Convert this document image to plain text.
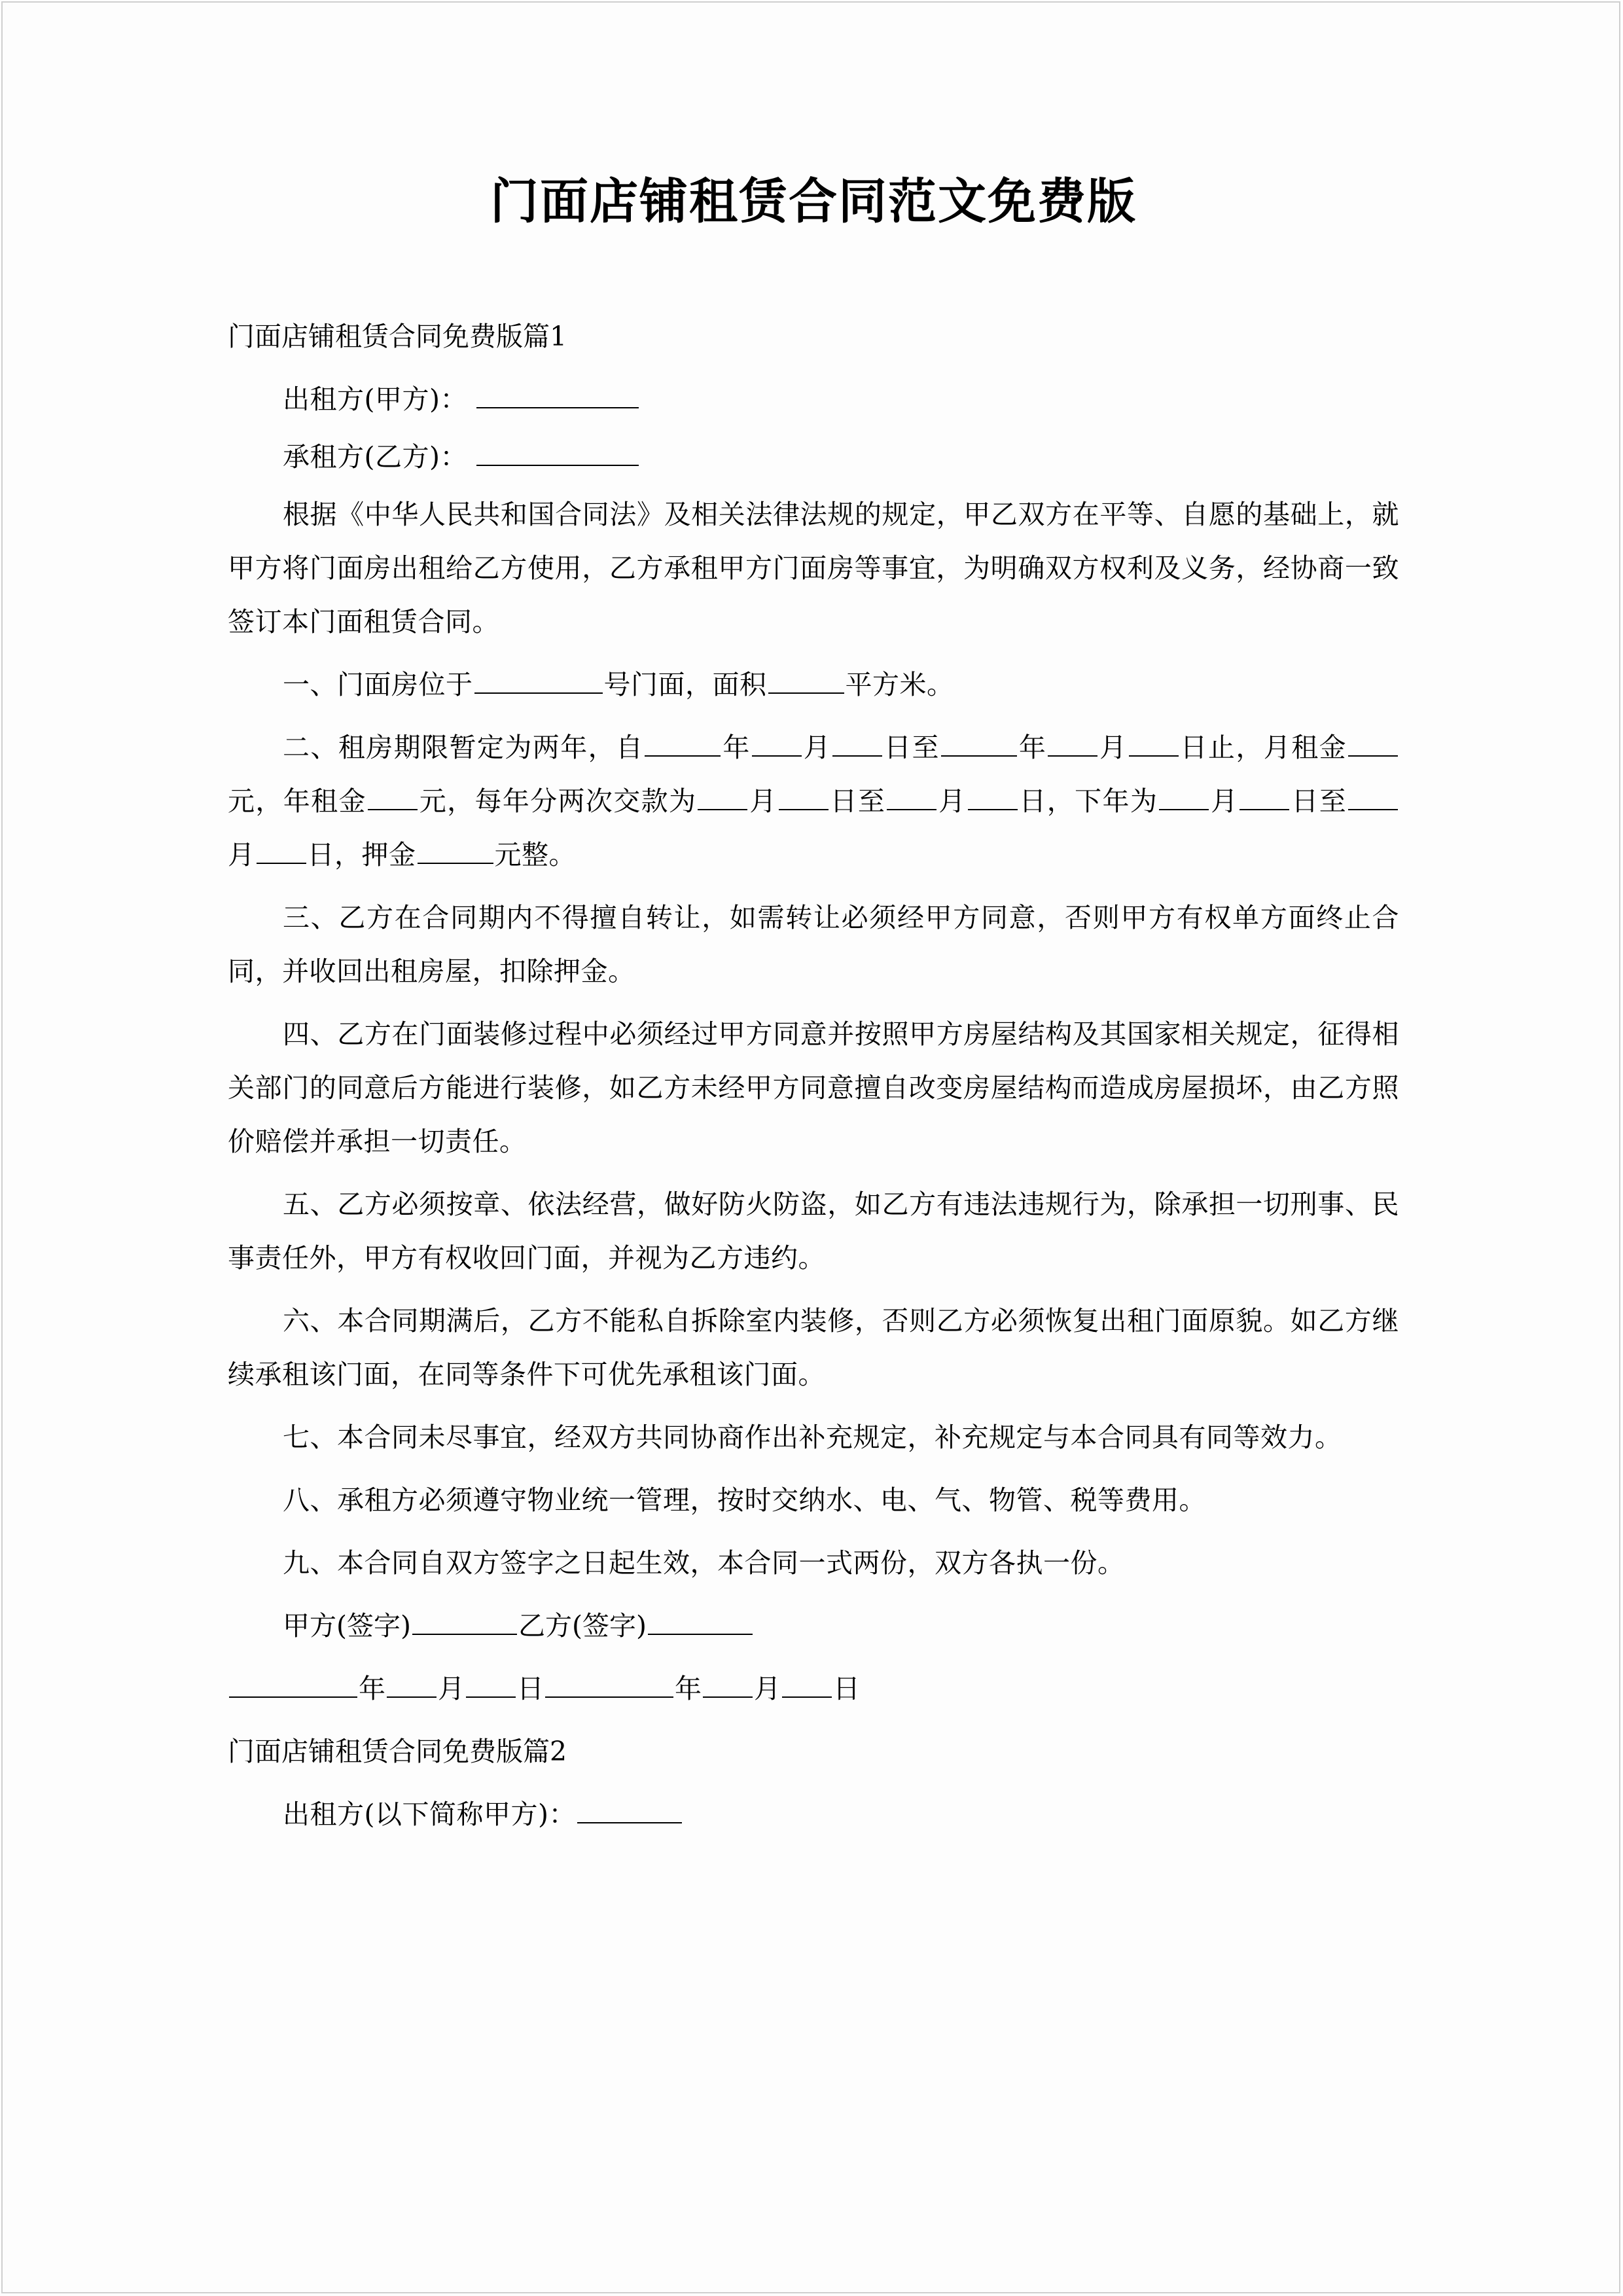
门面店铺租赁合同范文免费版

门面店铺租赁合同免费版篇1

出租方(甲方)：

承租方(乙方)：

根据《中华人民共和国合同法》及相关法律法规的规定，甲乙双方在平等、自愿的基础上，就甲方将门面房出租给乙方使用，乙方承租甲方门面房等事宜，为明确双方权利及义务，经协商一致签订本门面租赁合同。

一、门面房位于	号门面，面积	平方米。

二、租房期限暂定为两年，自	年 月 日至	年 月 日止，月租金元，年租金 元，每年分两次交款为 月 日至 月 日，下年为 月 日至月 日，押金	元整。

三、乙方在合同期内不得擅自转让，如需转让必须经甲方同意，否则甲方有权单方面终止合同，并收回出租房屋，扣除押金。

四、乙方在门面装修过程中必须经过甲方同意并按照甲方房屋结构及其国家相关规定，征得相关部门的同意后方能进行装修，如乙方未经甲方同意擅自改变房屋结构而造成房屋损坏，由乙方照价赔偿并承担一切责任。

五、乙方必须按章、依法经营，做好防火防盗，如乙方有违法违规行为，除承担一切刑事、民事责任外，甲方有权收回门面，并视为乙方违约。

六、本合同期满后，乙方不能私自拆除室内装修，否则乙方必须恢复出租门面原貌。如乙方继续承租该门面，在同等条件下可优先承租该门面。

七、本合同未尽事宜，经双方共同协商作出补充规定，补充规定与本合同具有同等效力。

八、承租方必须遵守物业统一管理，按时交纳水、电、气、物管、税等费用。

九、本合同自双方签字之日起生效，本合同一式两份，双方各执一份。

甲方(签字)	乙方(签字)

年 月 日	年 月 日

门面店铺租赁合同免费版篇2

出租方(以下简称甲方)：
